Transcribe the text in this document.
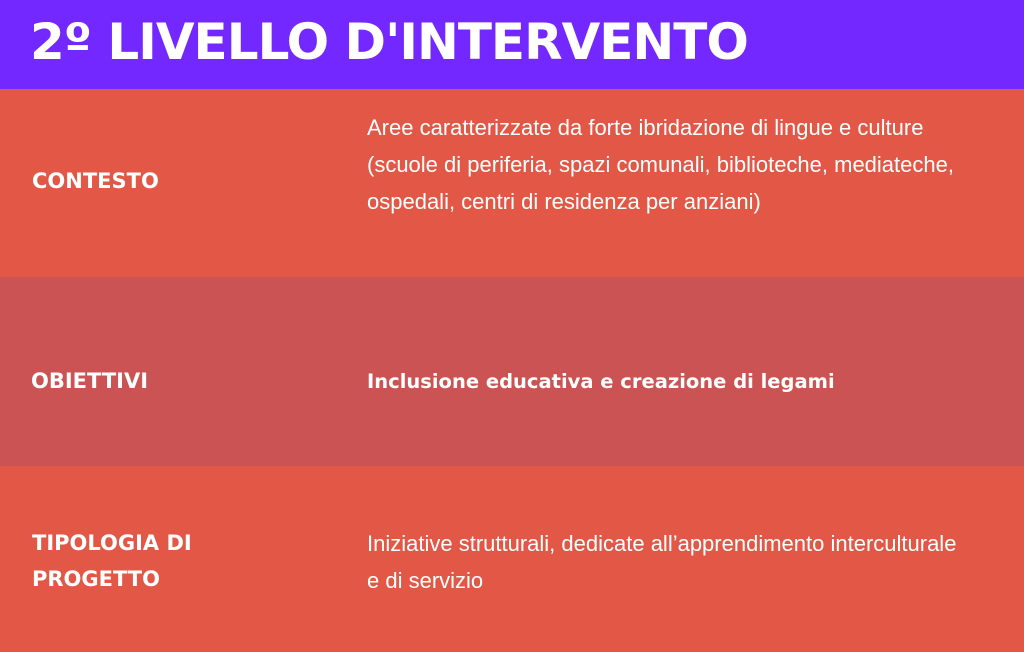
2º LIVELLO D'INTERVENTO

CONTESTO

Aree caratterizzate da forte ibridazione di lingue e culture (scuole di periferia, spazi comunali, biblioteche, mediateche, ospedali, centri di residenza per anziani)

OBIETTIVI	Inclusione educativa e creazione di legami

TIPOLOGIA DI PROGETTO

Iniziative strutturali, dedicate all’apprendimento interculturale e di servizio
